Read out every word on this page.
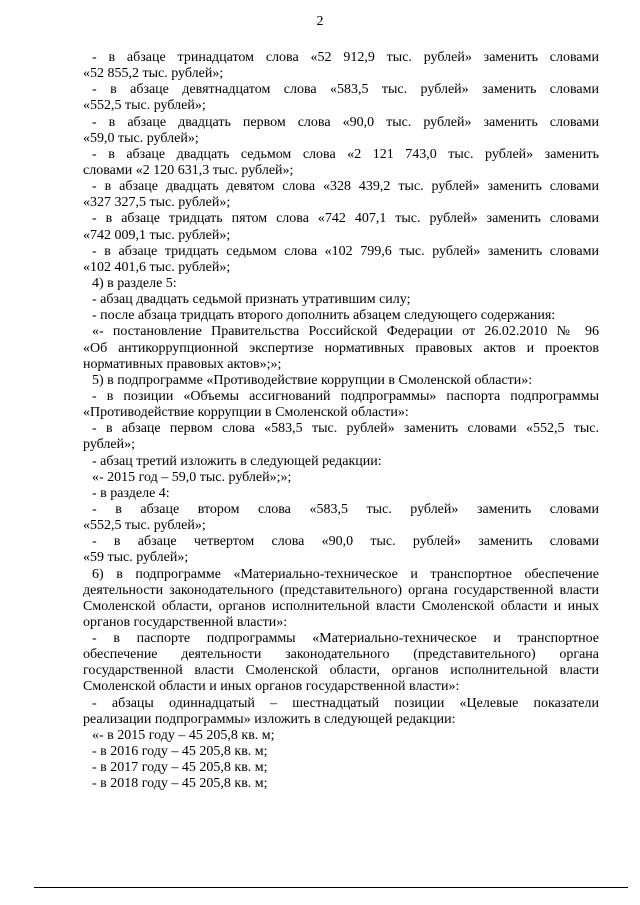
2
- в абзаце тринадцатом слова «52 912,9 тыс. рублей» заменить словами
«52 855,2 тыс. рублей»;
- в абзаце девятнадцатом слова «583,5 тыс. рублей» заменить словами
«552,5 тыс. рублей»;
- в абзаце двадцать первом слова «90,0 тыс. рублей» заменить словами
«59,0 тыс. рублей»;
- в абзаце двадцать седьмом слова «2 121 743,0 тыс. рублей» заменить
словами «2 120 631,3 тыс. рублей»;
- в абзаце двадцать девятом слова «328 439,2 тыс. рублей» заменить словами
«327 327,5 тыс. рублей»;
- в абзаце тридцать пятом слова «742 407,1 тыс. рублей» заменить словами
«742 009,1 тыс. рублей»;
- в абзаце тридцать седьмом слова «102 799,6 тыс. рублей» заменить словами
«102 401,6 тыс. рублей»;
4) в разделе 5:
- абзац двадцать седьмой признать утратившим силу;
- после абзаца тридцать второго дополнить абзацем следующего содержания:
«- постановление Правительства Российской Федерации от 26.02.2010 № 96
«Об антикоррупционной экспертизе нормативных правовых актов и проектов
нормативных правовых актов»;»;
5) в подпрограмме «Противодействие коррупции в Смоленской области»:
- в позиции «Объемы ассигнований подпрограммы» паспорта подпрограммы
«Противодействие коррупции в Смоленской области»:
- в абзаце первом слова «583,5 тыс. рублей» заменить словами «552,5 тыс.
рублей»;
- абзац третий изложить в следующей редакции:
«- 2015 год – 59,0 тыс. рублей»;»;
- в разделе 4:
- в абзаце втором слова «583,5 тыс. рублей» заменить словами
«552,5 тыс. рублей»;
- в абзаце четвертом слова «90,0 тыс. рублей» заменить словами
«59 тыс. рублей»;
6) в подпрограмме «Материально-техническое и транспортное обеспечение
деятельности законодательного (представительного) органа государственной власти
Смоленской области, органов исполнительной власти Смоленской области и иных
органов государственной власти»:
- в паспорте подпрограммы «Материально-техническое и транспортное
обеспечение деятельности законодательного (представительного) органа
государственной власти Смоленской области, органов исполнительной власти
Смоленской области и иных органов государственной власти»:
- абзацы одиннадцатый – шестнадцатый позиции «Целевые показатели
реализации подпрограммы» изложить в следующей редакции:
«- в 2015 году – 45 205,8 кв. м;
- в 2016 году – 45 205,8 кв. м;
- в 2017 году – 45 205,8 кв. м;
- в 2018 году – 45 205,8 кв. м;
